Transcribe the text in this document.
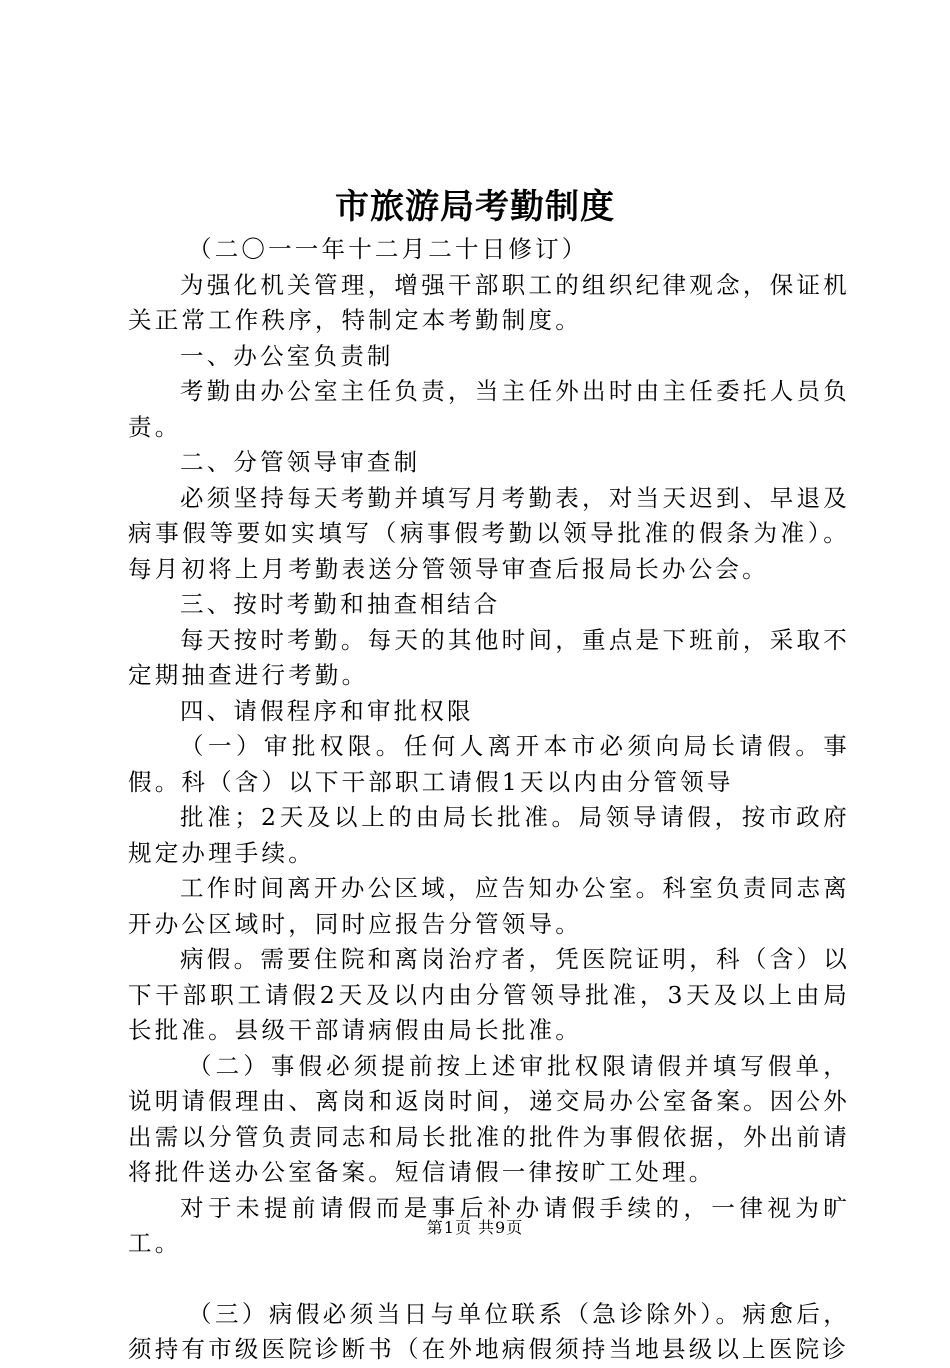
市旅游局考勤制度

（二〇一一年十二月二十日修订）

为强化机关管理，增强干部职工的组织纪律观念，保证机关正常工作秩序，特制定本考勤制度。

一、办公室负责制

考勤由办公室主任负责，当主任外出时由主任委托人员负责。

二、分管领导审查制

必须坚持每天考勤并填写月考勤表，对当天迟到、早退及病事假等要如实填写（病事假考勤以领导批准的假条为准）。每月初将上月考勤表送分管领导审查后报局长办公会。

三、按时考勤和抽查相结合

每天按时考勤。每天的其他时间，重点是下班前，采取不定期抽查进行考勤。

四、请假程序和审批权限

（一）审批权限。任何人离开本市必须向局长请假。事假。科（含）以下干部职工请假1天以内由分管领导

批准；2天及以上的由局长批准。局领导请假，按市政府规定办理手续。

工作时间离开办公区域，应告知办公室。科室负责同志离开办公区域时，同时应报告分管领导。

病假。需要住院和离岗治疗者，凭医院证明，科（含）以下干部职工请假2天及以内由分管领导批准，3天及以上由局长批准。县级干部请病假由局长批准。

（二）事假必须提前按上述审批权限请假并填写假单，说明请假理由、离岗和返岗时间，递交局办公室备案。因公外出需以分管负责同志和局长批准的批件为事假依据，外出前请将批件送办公室备案。短信请假一律按旷工处理。

对于未提前请假而是事后补办请假手续的，一律视为旷工。

（三）病假必须当日与单位联系（急诊除外）。病愈后，须持有市级医院诊断书（在外地病假须持当地县级以上医院诊

第1页 共9页
